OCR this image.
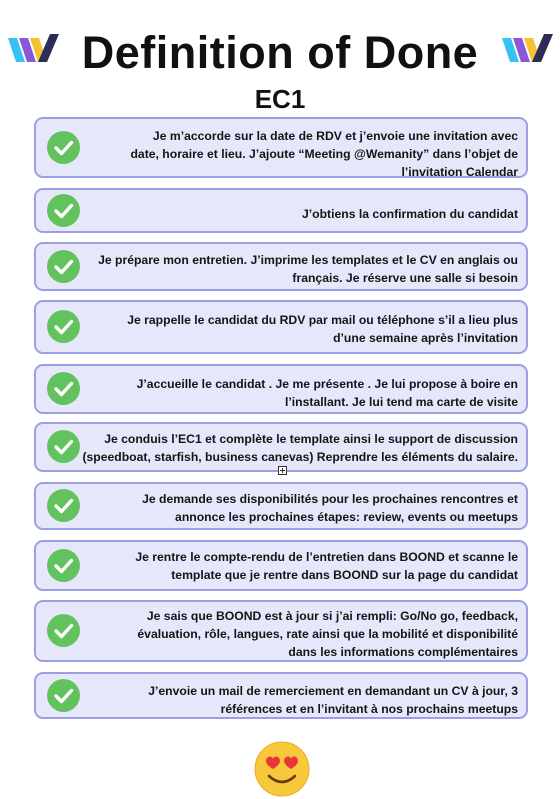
Definition of Done
EC1
Je m’accorde sur la date de RDV et j’envoie une invitation avec
date, horaire et lieu. J’ajoute “Meeting @Wemanity” dans l’objet de
l’invitation Calendar
J’obtiens la confirmation du candidat
Je prépare mon entretien. J’imprime les templates et le CV en anglais ou
français. Je réserve une salle si besoin
Je rappelle le candidat du RDV par mail ou téléphone s’il a lieu plus
d’une semaine après l’invitation
J’accueille le candidat . Je me présente . Je lui propose à boire en
l’installant. Je lui tend ma carte de visite
Je conduis l’EC1 et complète le template ainsi le support de discussion
(speedboat, starfish, business canevas) Reprendre les éléments du salaire.
Je demande ses disponibilités pour les prochaines rencontres et
annonce les prochaines étapes: review, events ou meetups
Je rentre le compte-rendu de l’entretien dans BOOND et scanne le
template que je rentre dans BOOND sur la page du candidat
Je sais que BOOND est à jour si j’ai rempli: Go/No go, feedback,
évaluation, rôle, langues, rate ainsi que la mobilité et disponibilité
dans les informations complémentaires
J’envoie un mail de remerciement en demandant un CV à jour, 3
références et en l’invitant à nos prochains meetups
